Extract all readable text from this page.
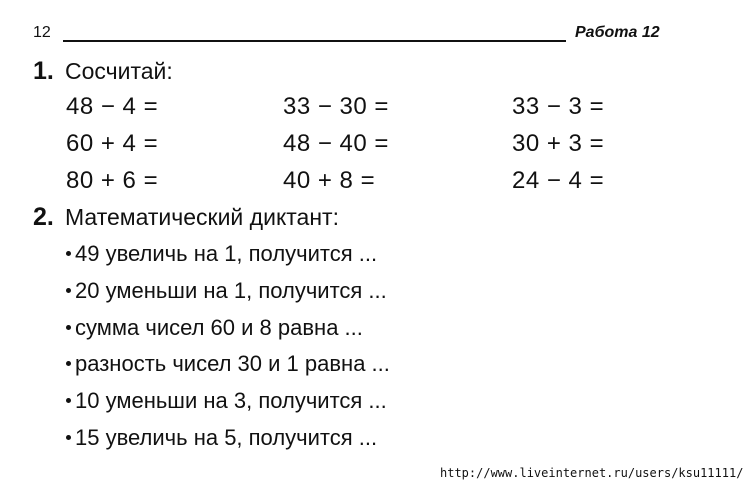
12	Работа 12
1. Сосчитай:
48 − 4 =	33 − 30 =	33 − 3 =
60 + 4 =	48 − 40 =	30 + 3 =
80 + 6 =	40 + 8 =	24 − 4 =
2. Математический диктант:
49 увеличь на 1, получится ...
20 уменьши на 1, получится ...
сумма чисел 60 и 8 равна ...
разность чисел 30 и 1 равна ...
10 уменьши на 3, получится ...
15 увеличь на 5, получится ...
http://www.liveinternet.ru/users/ksu11111/
